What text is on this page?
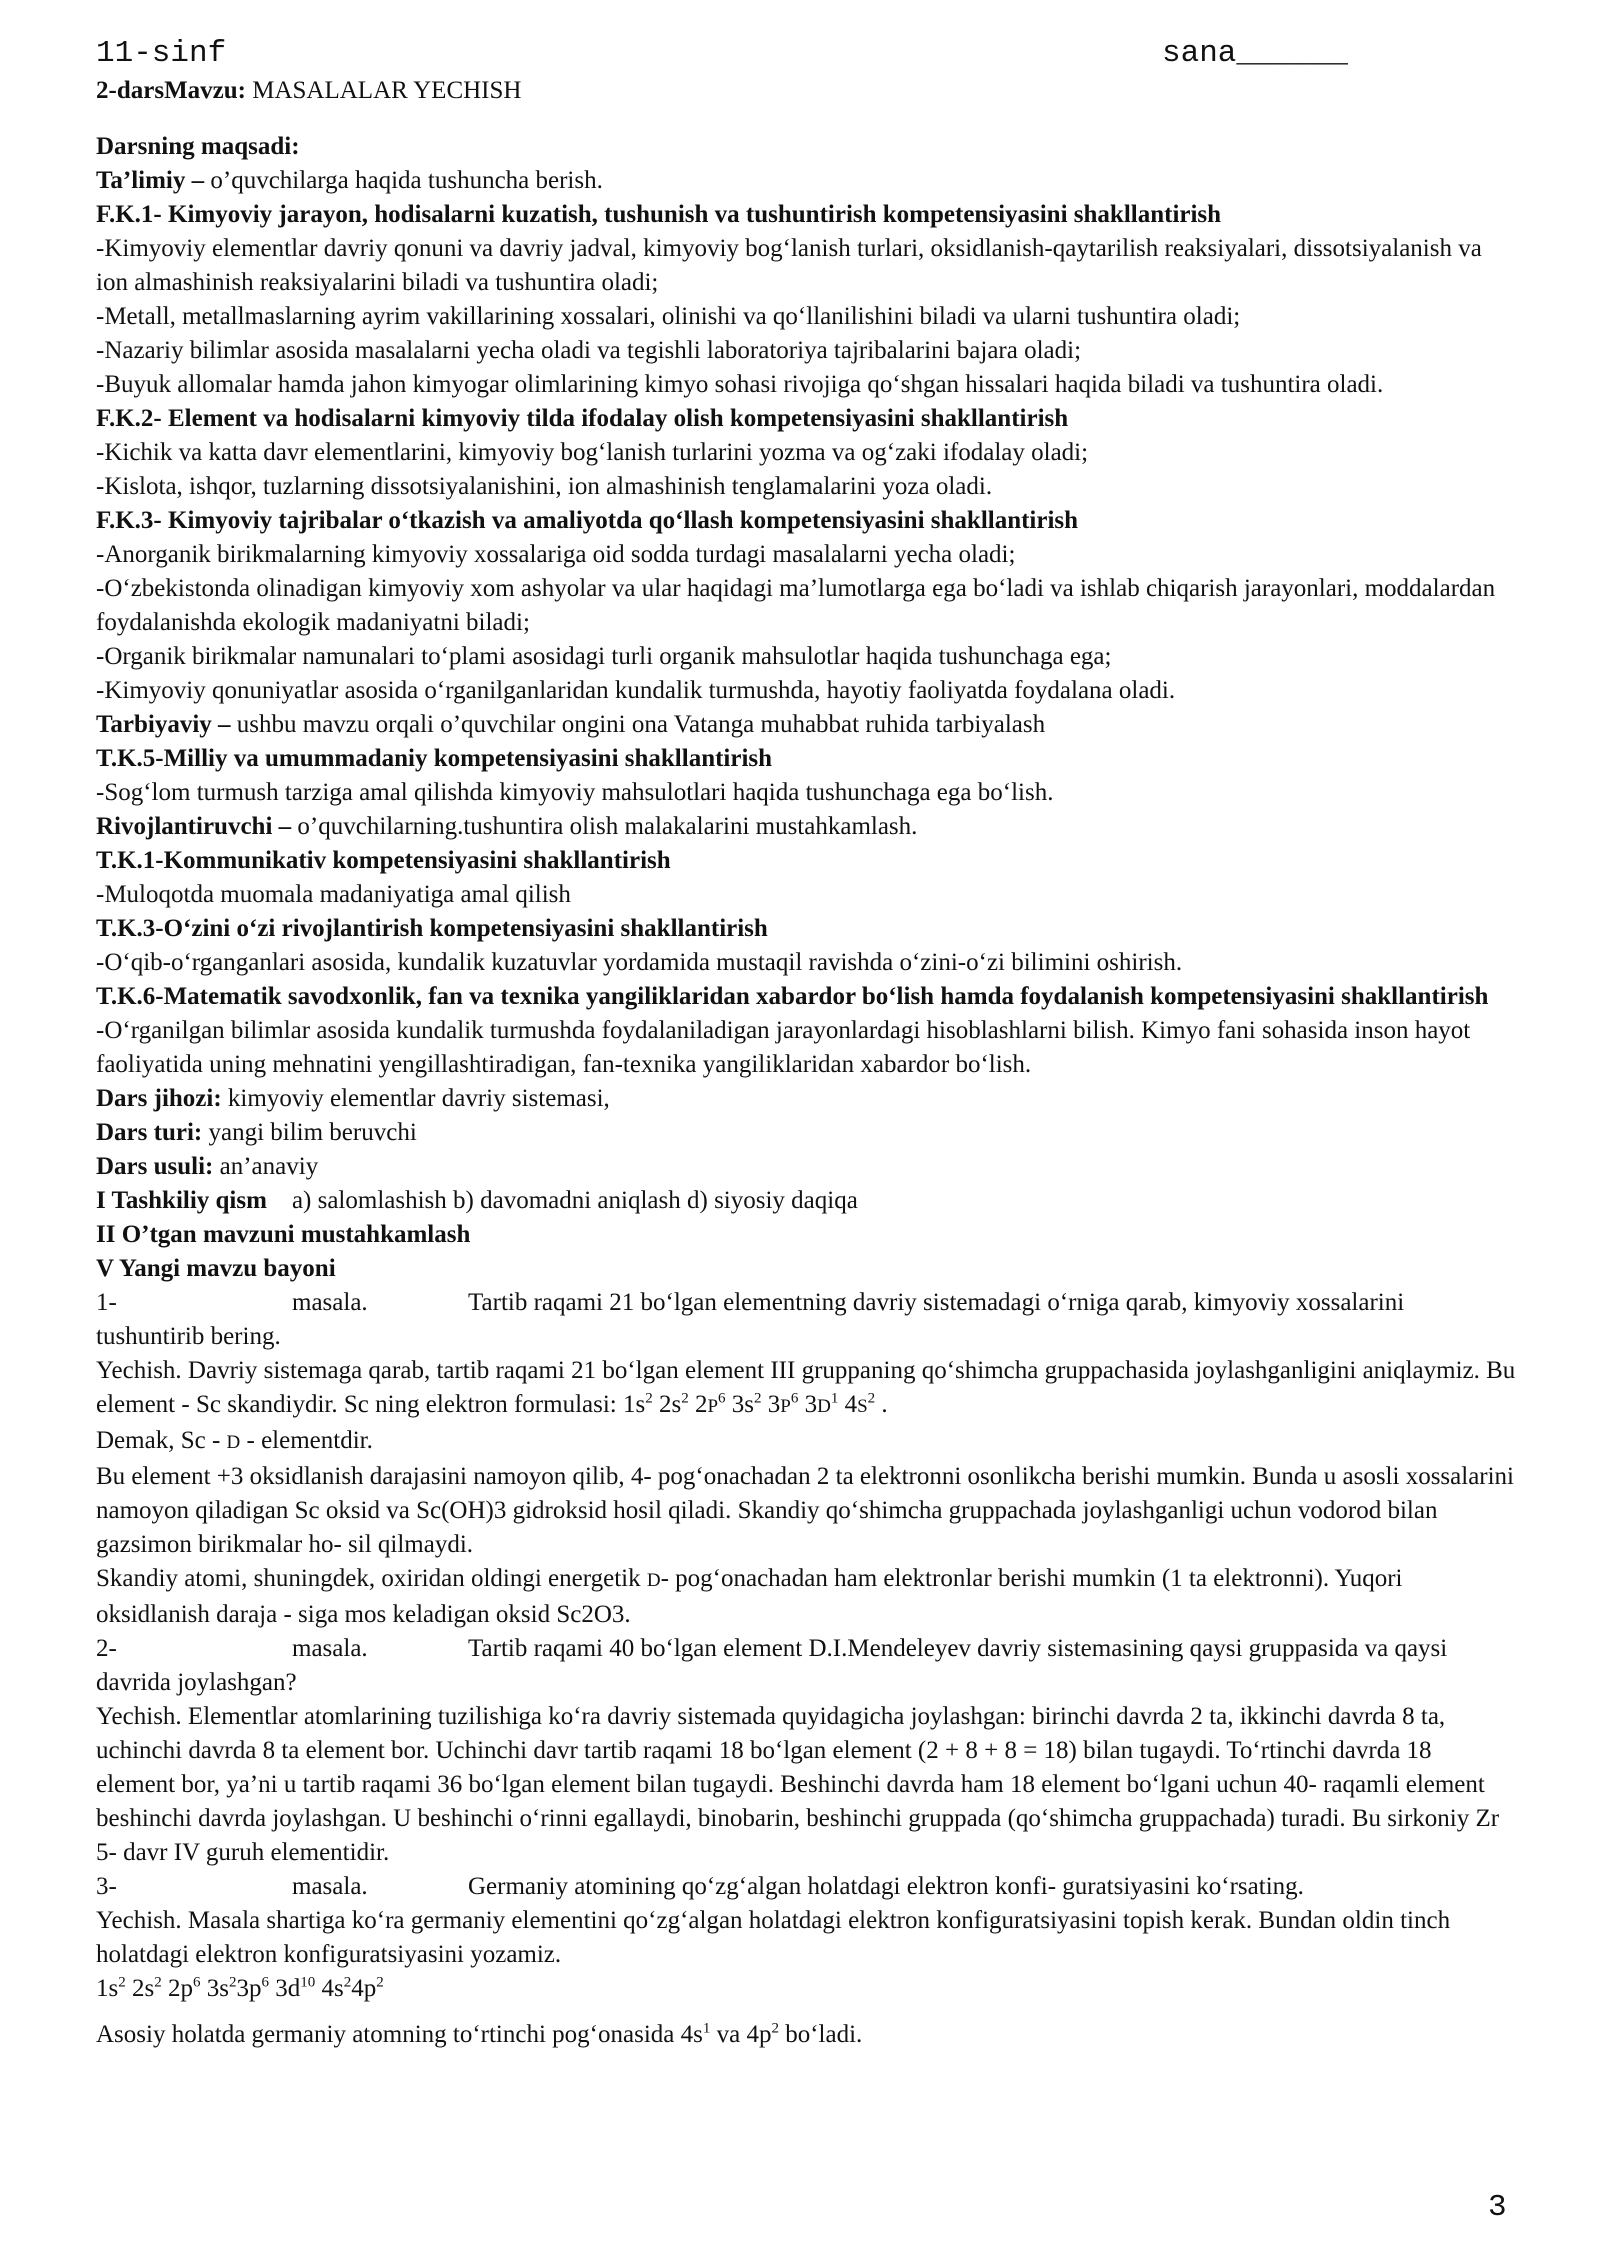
11-sinf	sana______

2-darsMavzu: MASALALAR YECHISH

Darsning maqsadi:

Ta’limiy – o’quvchilarga haqida tushuncha berish.

F.K.1- Kimyoviy jarayon, hodisalarni kuzatish, tushunish va tushuntirish kompetensiyasini shakllantirish

-Kimyoviy elementlar davriy qonuni va davriy jadval, kimyoviy bog‘lanish turlari, oksidlanish-qaytarilish reaksiyalari, dissotsiyalanish va ion almashinish reaksiyalarini biladi va tushuntira oladi;

-Metall, metallmaslarning ayrim vakillarining xossalari, olinishi va qo‘llanilishini biladi va ularni tushuntira oladi;

-Nazariy bilimlar asosida masalalarni yecha oladi va tegishli laboratoriya tajribalarini bajara oladi;

-Buyuk allomalar hamda jahon kimyogar olimlarining kimyo sohasi rivojiga qo‘shgan hissalari haqida biladi va tushuntira oladi.

F.K.2- Element va hodisalarni kimyoviy tilda ifodalay olish kompetensiyasini shakllantirish

-Kichik va katta davr elementlarini, kimyoviy bog‘lanish turlarini yozma va og‘zaki ifodalay oladi;

-Kislota, ishqor, tuzlarning dissotsiyalanishini, ion almashinish tenglamalarini yoza oladi.

F.K.3- Kimyoviy tajribalar o‘tkazish va amaliyotda qo‘llash kompetensiyasini shakllantirish

-Anorganik birikmalarning kimyoviy xossalariga oid sodda turdagi masalalarni yecha oladi;

-O‘zbekistonda olinadigan kimyoviy xom ashyolar va ular haqidagi ma’lumotlarga ega bo‘ladi va ishlab chiqarish jarayonlari, moddalardan foydalanishda ekologik madaniyatni biladi;

-Organik birikmalar namunalari to‘plami asosidagi turli organik mahsulotlar haqida tushunchaga ega;

-Kimyoviy qonuniyatlar asosida o‘rganilganlaridan kundalik turmushda, hayotiy faoliyatda foydalana oladi.

Tarbiyaviy – ushbu mavzu orqali o’quvchilar ongini ona Vatanga muhabbat ruhida tarbiyalash

T.K.5-Milliy va umummadaniy kompetensiyasini shakllantirish

-Sog‘lom turmush tarziga amal qilishda kimyoviy mahsulotlari haqida tushunchaga ega bo‘lish.

Rivojlantiruvchi – o’quvchilarning.tushuntira olish malakalarini mustahkamlash.

T.K.1-Kommunikativ kompetensiyasini shakllantirish

-Muloqotda muomala madaniyatiga amal qilish

T.K.3-O‘zini o‘zi rivojlantirish kompetensiyasini shakllantirish

-O‘qib-o‘rganganlari asosida, kundalik kuzatuvlar yordamida mustaqil ravishda o‘zini-o‘zi bilimini oshirish.

T.K.6-Matematik savodxonlik, fan va texnika yangiliklaridan xabardor bo‘lish hamda foydalanish kompetensiyasini shakllantirish

-O‘rganilgan bilimlar asosida kundalik turmushda foydalaniladigan jarayonlardagi hisoblashlarni bilish. Kimyo fani sohasida inson hayot faoliyatida uning mehnatini yengillashtiradigan, fan-texnika yangiliklaridan xabardor bo‘lish.

Dars jihozi: kimyoviy elementlar davriy sistemasi,

Dars turi: yangi bilim beruvchi

Dars usuli: an’anaviy

I Tashkiliy qism a) salomlashish b) davomadni aniqlash d) siyosiy daqiqa

II O’tgan mavzuni mustahkamlash

V Yangi mavzu bayoni

1-	masala.	Tartib raqami 21 bo‘lgan elementning davriy sistemadagi o‘rniga qarab, kimyoviy xossalarini tushuntirib bering.

Yechish. Davriy sistemaga qarab, tartib raqami 21 bo‘lgan element III gruppaning qo‘shimcha gruppachasida joylashganligini aniqlaymiz. Bu element - Sc skandiydir. Sc ning elektron formulasi: $1s^2$ $2s^2$ $2P^6$ $3s^2$ $3P^6$ $3D^1$ $4S^2$ .

Demak, Sc - D - elementdir.

Bu element +3 oksidlanish darajasini namoyon qilib, 4- pog‘onachadan 2 ta elektronni osonlikcha berishi mumkin. Bunda u asosli xossalarini namoyon qiladigan Sc oksid va Sc(OH)3 gidroksid hosil qiladi. Skandiy qo‘shimcha gruppachada joylashganligi uchun vodorod bilan gazsimon birikmalar ho- sil qilmaydi.

Skandiy atomi, shuningdek, oxiridan oldingi energetik D- pog‘onachadan ham elektronlar berishi mumkin (1 ta elektronni). Yuqori oksidlanish daraja - siga mos keladigan oksid Sc2O3.

2-	masala.	Tartib raqami 40 bo‘lgan element D.I.Mendeleyev davriy sistemasining qaysi gruppasida va qaysi davrida joylashgan?

Yechish. Elementlar atomlarining tuzilishiga ko‘ra davriy sistemada quyidagicha joylashgan: birinchi davrda 2 ta, ikkinchi davrda 8 ta, uchinchi davrda 8 ta element bor. Uchinchi davr tartib raqami 18 bo‘lgan element (2 + 8 + 8 = 18) bilan tugaydi. To‘rtinchi davrda 18 element bor, ya’ni u tartib raqami 36 bo‘lgan element bilan tugaydi. Beshinchi davrda ham 18 element bo‘lgani uchun 40- raqamli element beshinchi davrda joylashgan. U beshinchi o‘rinni egallaydi, binobarin, beshinchi gruppada (qo‘shimcha gruppachada) turadi. Bu sirkoniy Zr 5- davr IV guruh elementidir.

3-	masala.	Germaniy atomining qo‘zg‘algan holatdagi elektron konfi- guratsiyasini ko‘rsating.

Yechish. Masala shartiga ko‘ra germaniy elementini qo‘zg‘algan holatdagi elektron konfiguratsiyasini topish kerak. Bundan oldin tinch holatdagi elektron konfiguratsiyasini yozamiz.

$1s^2$ $2s^2$ $2p^6$ $3s^23p^6$ $3d^{10}$ $4s^24p^2$

Asosiy holatda germaniy atomning to‘rtinchi pog‘onasida $4s^1$ va $4p^2$ bo‘ladi.

3
